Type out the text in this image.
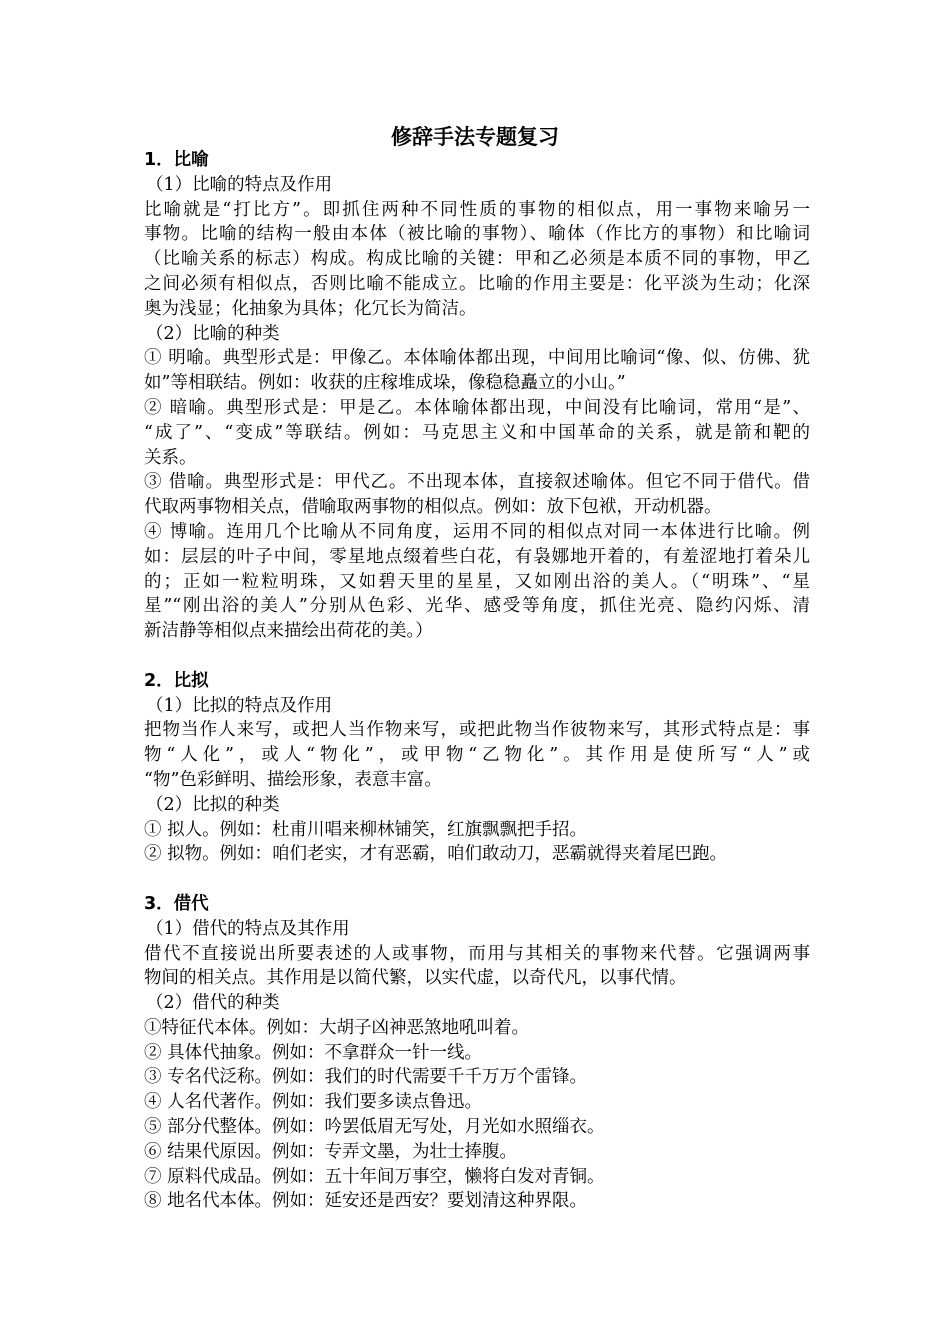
修辞手法专题复习
1．比喻
（1）比喻的特点及作用
比喻就是“打比方”。即抓住两种不同性质的事物的相似点，用一事物来喻另一
事物。比喻的结构一般由本体（被比喻的事物）、喻体（作比方的事物）和比喻词
（比喻关系的标志）构成。构成比喻的关键：甲和乙必须是本质不同的事物，甲乙
之间必须有相似点，否则比喻不能成立。比喻的作用主要是：化平淡为生动；化深
奥为浅显；化抽象为具体；化冗长为简洁。
（2）比喻的种类
① 明喻。典型形式是：甲像乙。本体喻体都出现，中间用比喻词“像、似、仿佛、犹
如”等相联结。例如：收获的庄稼堆成垛，像稳稳矗立的小山。”
② 暗喻。典型形式是：甲是乙。本体喻体都出现，中间没有比喻词，常用“是”、
“成了”、“变成”等联结。例如：马克思主义和中国革命的关系，就是箭和靶的
关系。
③ 借喻。典型形式是：甲代乙。不出现本体，直接叙述喻体。但它不同于借代。借
代取两事物相关点，借喻取两事物的相似点。例如：放下包袱，开动机器。
④ 博喻。连用几个比喻从不同角度，运用不同的相似点对同一本体进行比喻。例
如：层层的叶子中间，零星地点缀着些白花，有袅娜地开着的，有羞涩地打着朵儿
的；正如一粒粒明珠，又如碧天里的星星，又如刚出浴的美人。（“明珠”、“星
星”“刚出浴的美人”分别从色彩、光华、感受等角度，抓住光亮、隐约闪烁、清
新洁静等相似点来描绘出荷花的美。）
2．比拟
（1）比拟的特点及作用
把物当作人来写，或把人当作物来写，或把此物当作彼物来写，其形式特点是：事
物“人化”，或人“物化”，或甲物“乙物化”。其作用是使所写“人”或
“物”色彩鲜明、描绘形象，表意丰富。
（2）比拟的种类
① 拟人。例如：杜甫川唱来柳林铺笑，红旗飘飘把手招。
② 拟物。例如：咱们老实，才有恶霸，咱们敢动刀，恶霸就得夹着尾巴跑。
3．借代
（1）借代的特点及其作用
借代不直接说出所要表述的人或事物，而用与其相关的事物来代替。它强调两事
物间的相关点。其作用是以简代繁，以实代虚，以奇代凡，以事代情。
（2）借代的种类
①特征代本体。例如：大胡子凶神恶煞地吼叫着。
② 具体代抽象。例如：不拿群众一针一线。
③ 专名代泛称。例如：我们的时代需要千千万万个雷锋。
④ 人名代著作。例如：我们要多读点鲁迅。
⑤ 部分代整体。例如：吟罢低眉无写处，月光如水照缁衣。
⑥ 结果代原因。例如：专弄文墨，为壮士捧腹。
⑦ 原料代成品。例如：五十年间万事空，懒将白发对青铜。
⑧ 地名代本体。例如：延安还是西安？要划清这种界限。
